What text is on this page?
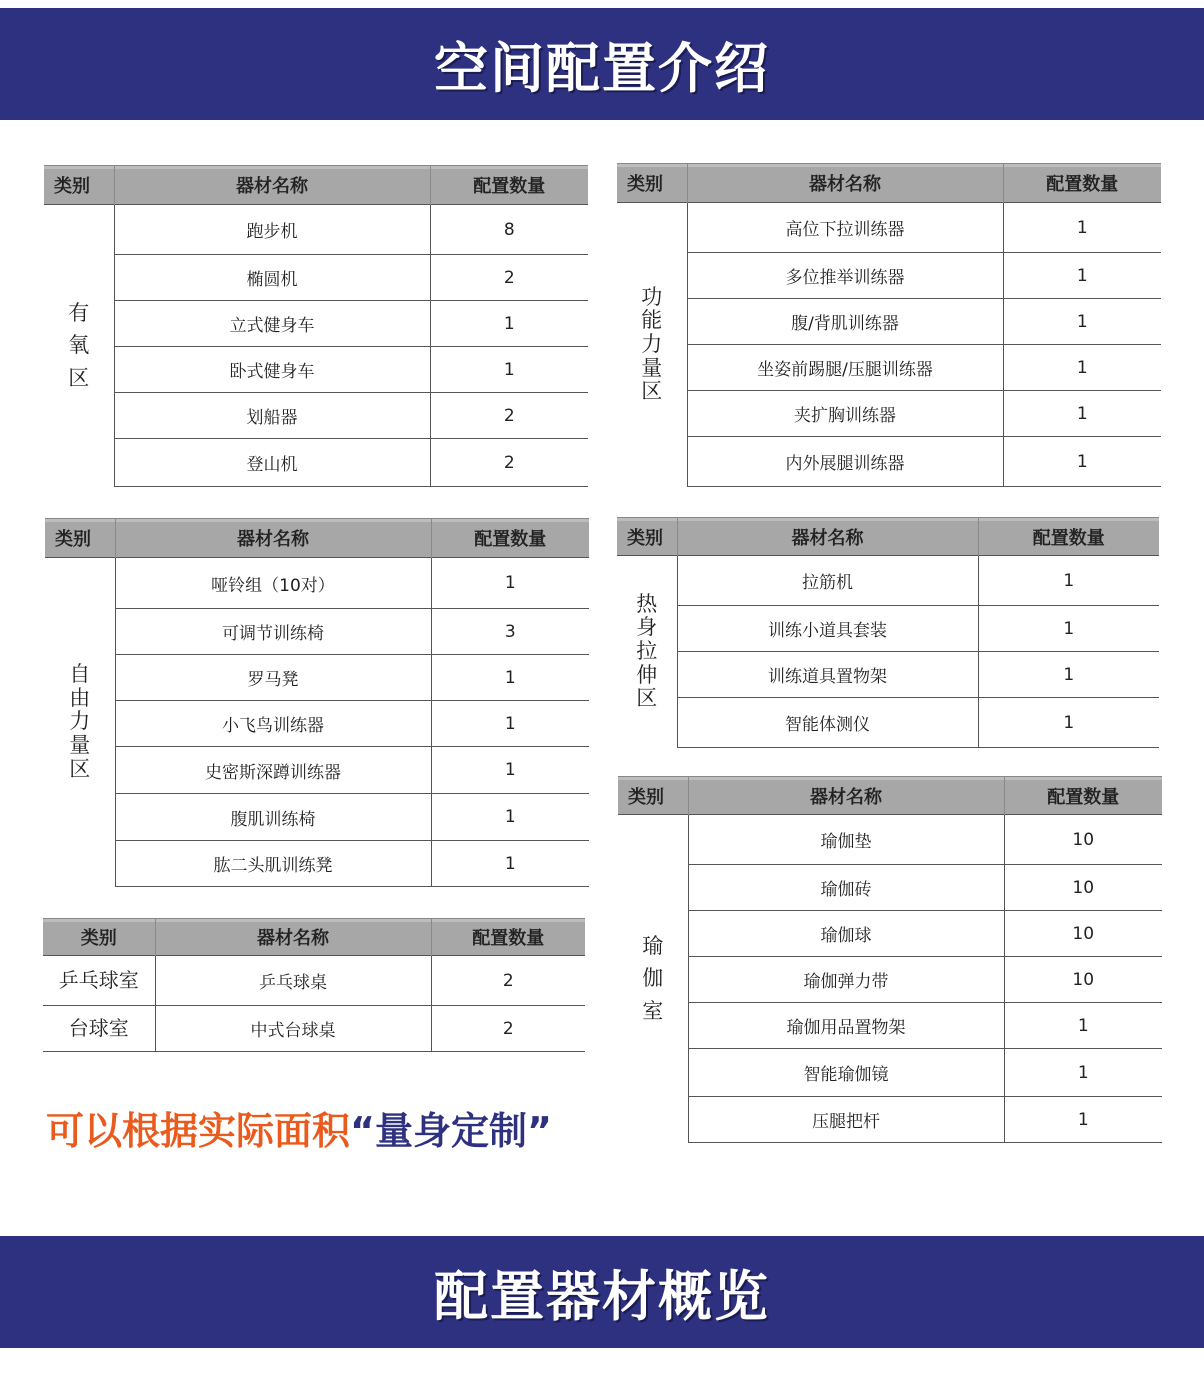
空间配置介绍
类别	器材名称	配置数量
有氧区	跑步机	8
	椭圆机	2
	立式健身车	1
	卧式健身车	1
	划船器	2
	登山机	2
类别	器材名称	配置数量
功能力量区	高位下拉训练器	1
	多位推举训练器	1
	腹/背肌训练器	1
	坐姿前踢腿/压腿训练器	1
	夹扩胸训练器	1
	内外展腿训练器	1
类别	器材名称	配置数量
自由力量区	哑铃组（10对）	1
	可调节训练椅	3
	罗马凳	1
	小飞鸟训练器	1
	史密斯深蹲训练器	1
	腹肌训练椅	1
	肱二头肌训练凳	1
类别	器材名称	配置数量
热身拉伸区	拉筋机	1
	训练小道具套装	1
	训练道具置物架	1
	智能体测仪	1
类别	器材名称	配置数量
乒乓球室	乒乓球桌	2
台球室	中式台球桌	2
类别	器材名称	配置数量
瑜伽室	瑜伽垫	10
	瑜伽砖	10
	瑜伽球	10
	瑜伽弹力带	10
	瑜伽用品置物架	1
	智能瑜伽镜	1
	压腿把杆	1
可以根据实际面积“量身定制”
配置器材概览
